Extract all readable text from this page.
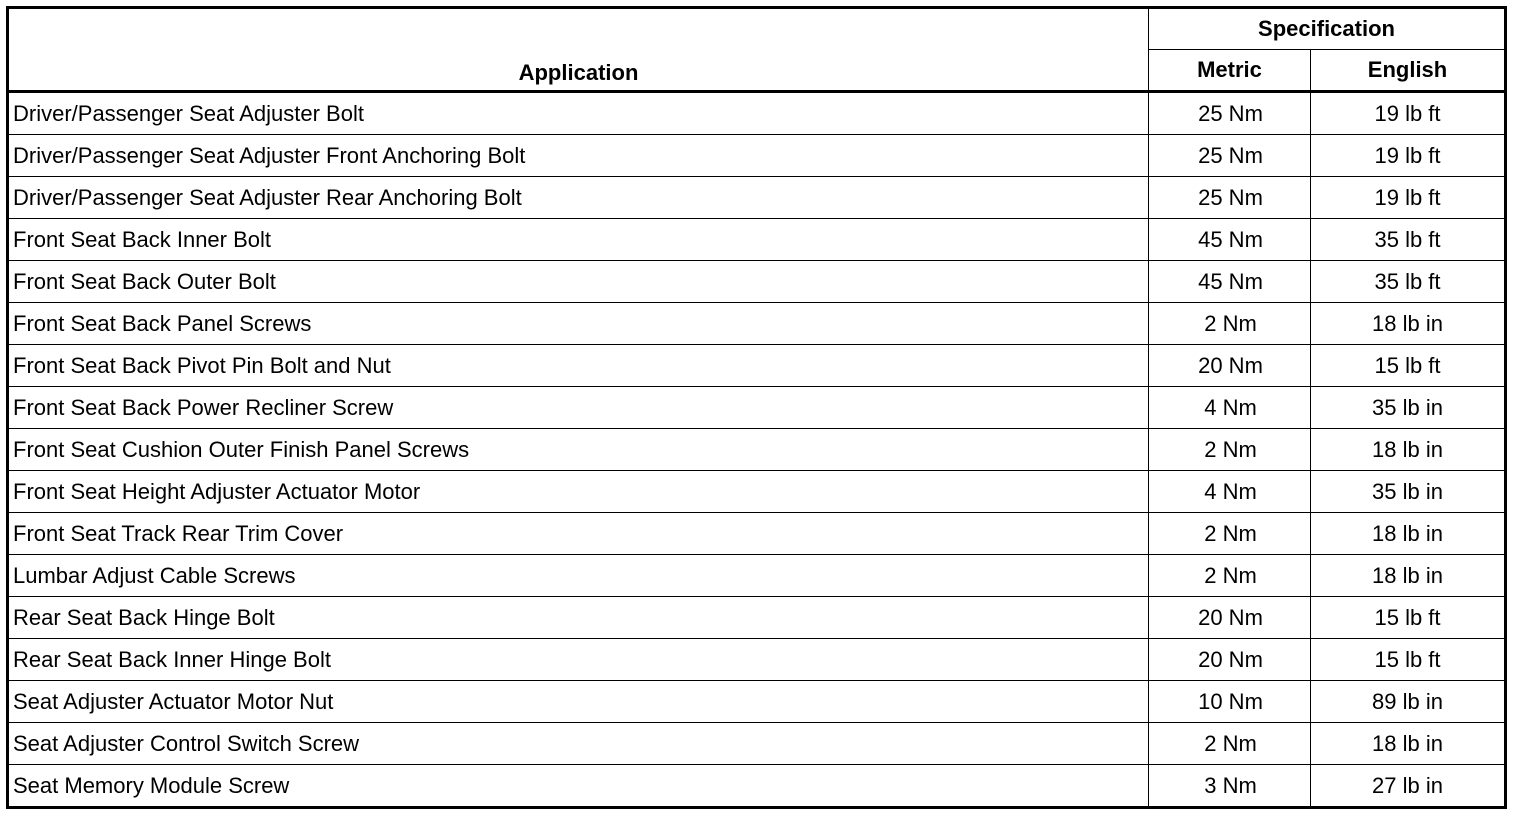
Application	Specification	
	Metric	English
Driver/Passenger Seat Adjuster Bolt	25 Nm	19 lb ft
Driver/Passenger Seat Adjuster Front Anchoring Bolt	25 Nm	19 lb ft
Driver/Passenger Seat Adjuster Rear Anchoring Bolt	25 Nm	19 lb ft
Front Seat Back Inner Bolt	45 Nm	35 lb ft
Front Seat Back Outer Bolt	45 Nm	35 lb ft
Front Seat Back Panel Screws	2 Nm	18 lb in
Front Seat Back Pivot Pin Bolt and Nut	20 Nm	15 lb ft
Front Seat Back Power Recliner Screw	4 Nm	35 lb in
Front Seat Cushion Outer Finish Panel Screws	2 Nm	18 lb in
Front Seat Height Adjuster Actuator Motor	4 Nm	35 lb in
Front Seat Track Rear Trim Cover	2 Nm	18 lb in
Lumbar Adjust Cable Screws	2 Nm	18 lb in
Rear Seat Back Hinge Bolt	20 Nm	15 lb ft
Rear Seat Back Inner Hinge Bolt	20 Nm	15 lb ft
Seat Adjuster Actuator Motor Nut	10 Nm	89 lb in
Seat Adjuster Control Switch Screw	2 Nm	18 lb in
Seat Memory Module Screw	3 Nm	27 lb in
